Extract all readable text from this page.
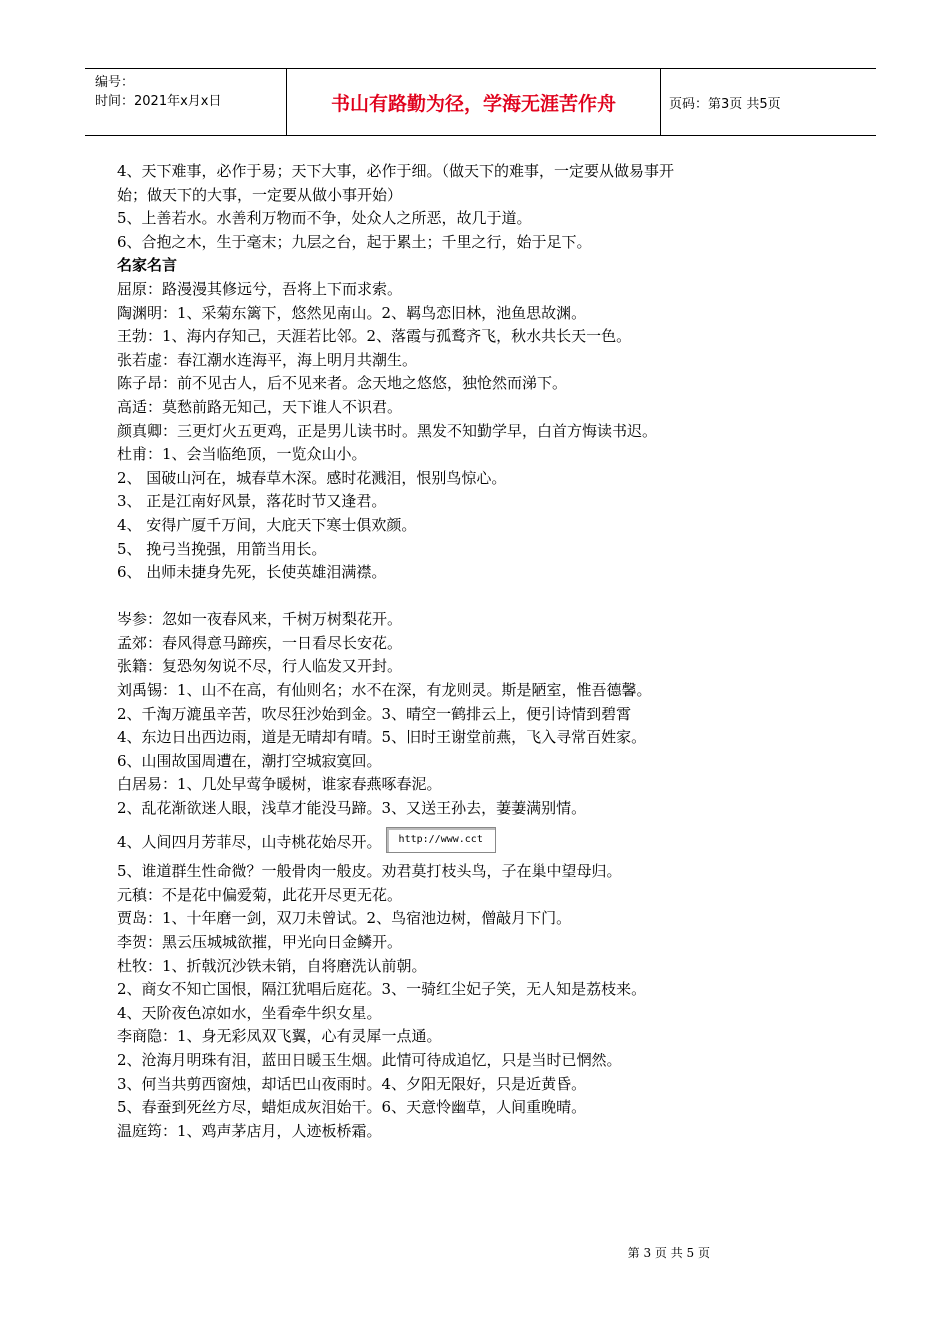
编号：
时间：2021年x月x日	书山有路勤为径，学海无涯苦作舟	页码：第3页 共5页
4、天下难事，必作于易；天下大事，必作于细。（做天下的难事，一定要从做易事开
始；做天下的大事，一定要从做小事开始）
5、上善若水。水善利万物而不争，处众人之所恶，故几于道。
6、合抱之木，生于毫末；九层之台，起于累土；千里之行，始于足下。
名家名言
屈原：路漫漫其修远兮，吾将上下而求索。
陶渊明：1、采菊东篱下，悠然见南山。2、羁鸟恋旧林，池鱼思故渊。
王勃：1、海内存知己，天涯若比邻。2、落霞与孤鹜齐飞，秋水共长天一色。
张若虚：春江潮水连海平，海上明月共潮生。
陈子昂：前不见古人，后不见来者。念天地之悠悠，独怆然而涕下。
高适：莫愁前路无知己，天下谁人不识君。
颜真卿：三更灯火五更鸡，正是男儿读书时。黑发不知勤学早，白首方悔读书迟。
杜甫：1、会当临绝顶，一览众山小。
2、 国破山河在，城春草木深。感时花溅泪，恨别鸟惊心。
3、 正是江南好风景，落花时节又逢君。
4、 安得广厦千万间，大庇天下寒士俱欢颜。
5、 挽弓当挽强，用箭当用长。
6、 出师未捷身先死，长使英雄泪满襟。
岑参：忽如一夜春风来，千树万树梨花开。
孟郊：春风得意马蹄疾，一日看尽长安花。
张籍：复恐匆匆说不尽，行人临发又开封。
刘禹锡：1、山不在高，有仙则名；水不在深，有龙则灵。斯是陋室，惟吾德馨。
2、千淘万漉虽辛苦，吹尽狂沙始到金。3、晴空一鹤排云上，便引诗情到碧霄
4、东边日出西边雨，道是无晴却有晴。5、旧时王谢堂前燕，飞入寻常百姓家。
6、山围故国周遭在，潮打空城寂寞回。
白居易：1、几处早莺争暖树，谁家春燕啄春泥。
2、乱花渐欲迷人眼，浅草才能没马蹄。3、又送王孙去，萋萋满别情。
4、人间四月芳菲尽，山寺桃花始尽开。 http://www.cct
5、谁道群生性命微？一般骨肉一般皮。劝君莫打枝头鸟，子在巢中望母归。
元稹：不是花中偏爱菊，此花开尽更无花。
贾岛：1、十年磨一剑，双刀未曾试。2、鸟宿池边树，僧敲月下门。
李贺：黑云压城城欲摧，甲光向日金鳞开。
杜牧：1、折戟沉沙铁未销，自将磨洗认前朝。
2、商女不知亡国恨，隔江犹唱后庭花。3、一骑红尘妃子笑，无人知是荔枝来。
4、天阶夜色凉如水，坐看牵牛织女星。
李商隐：1、身无彩凤双飞翼，心有灵犀一点通。
2、沧海月明珠有泪，蓝田日暖玉生烟。此情可待成追忆，只是当时已惘然。
3、何当共剪西窗烛，却话巴山夜雨时。4、夕阳无限好，只是近黄昏。
5、春蚕到死丝方尽，蜡炬成灰泪始干。6、天意怜幽草，人间重晚晴。
温庭筠：1、鸡声茅店月，人迹板桥霜。
第 3 页 共 5 页
